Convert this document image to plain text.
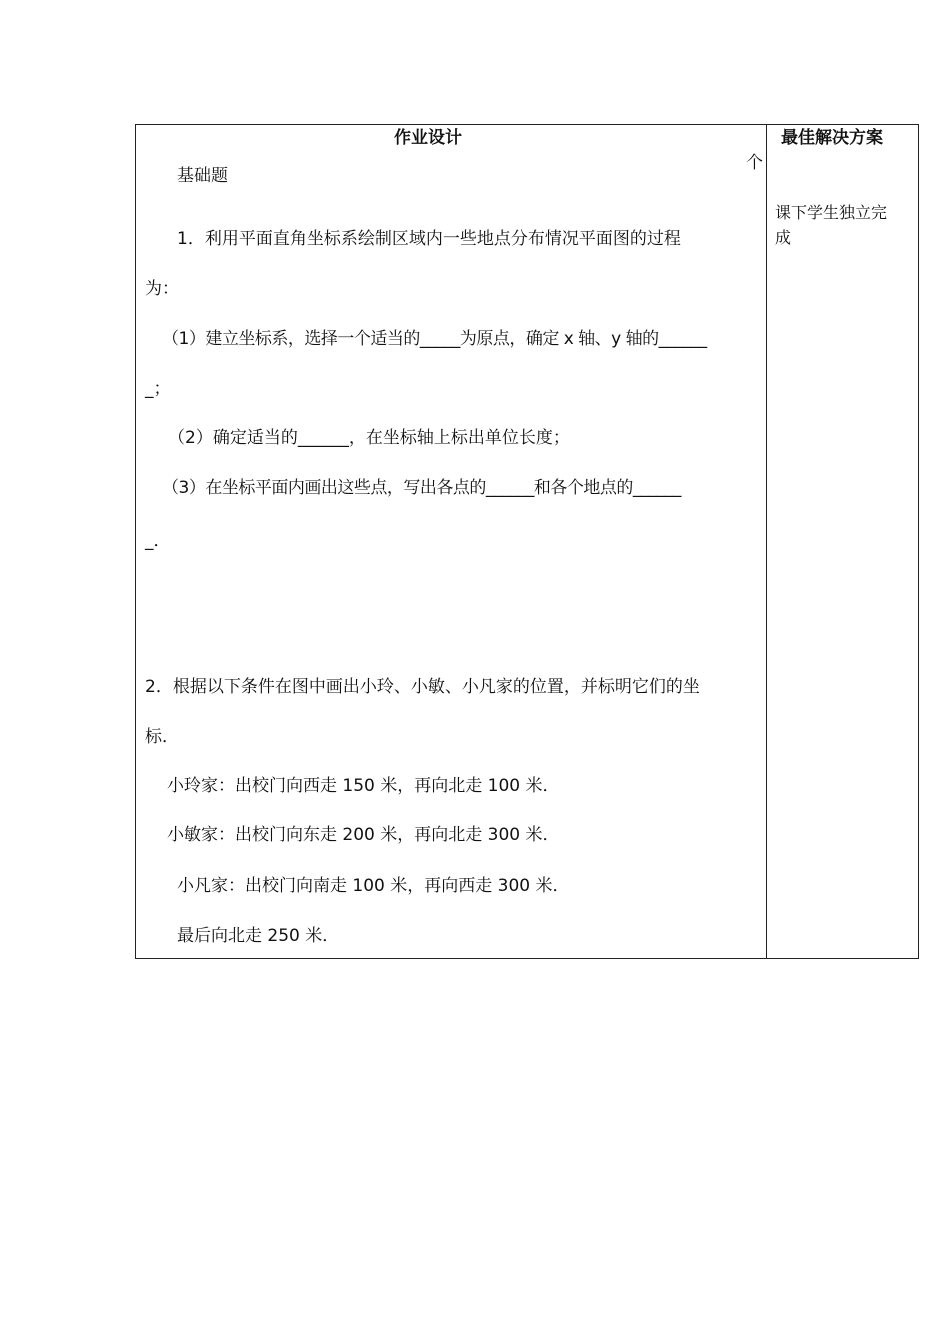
作业设计
个
基础题
1．利用平面直角坐标系绘制区域内一些地点分布情况平面图的过程
为：
（1）建立坐标系，选择一个适当的_____为原点，确定 x 轴、y 轴的______
_；
（2）确定适当的______，在坐标轴上标出单位长度；
（3）在坐标平面内画出这些点，写出各点的______和各个地点的______
_．
2．根据以下条件在图中画出小玲、小敏、小凡家的位置，并标明它们的坐
标．
小玲家：出校门向西走 150 米，再向北走 100 米．
小敏家：出校门向东走 200 米，再向北走 300 米．
小凡家：出校门向南走 100 米，再向西走 300 米．
最后向北走 250 米．
最佳解决方案
课下学生独立完
成
